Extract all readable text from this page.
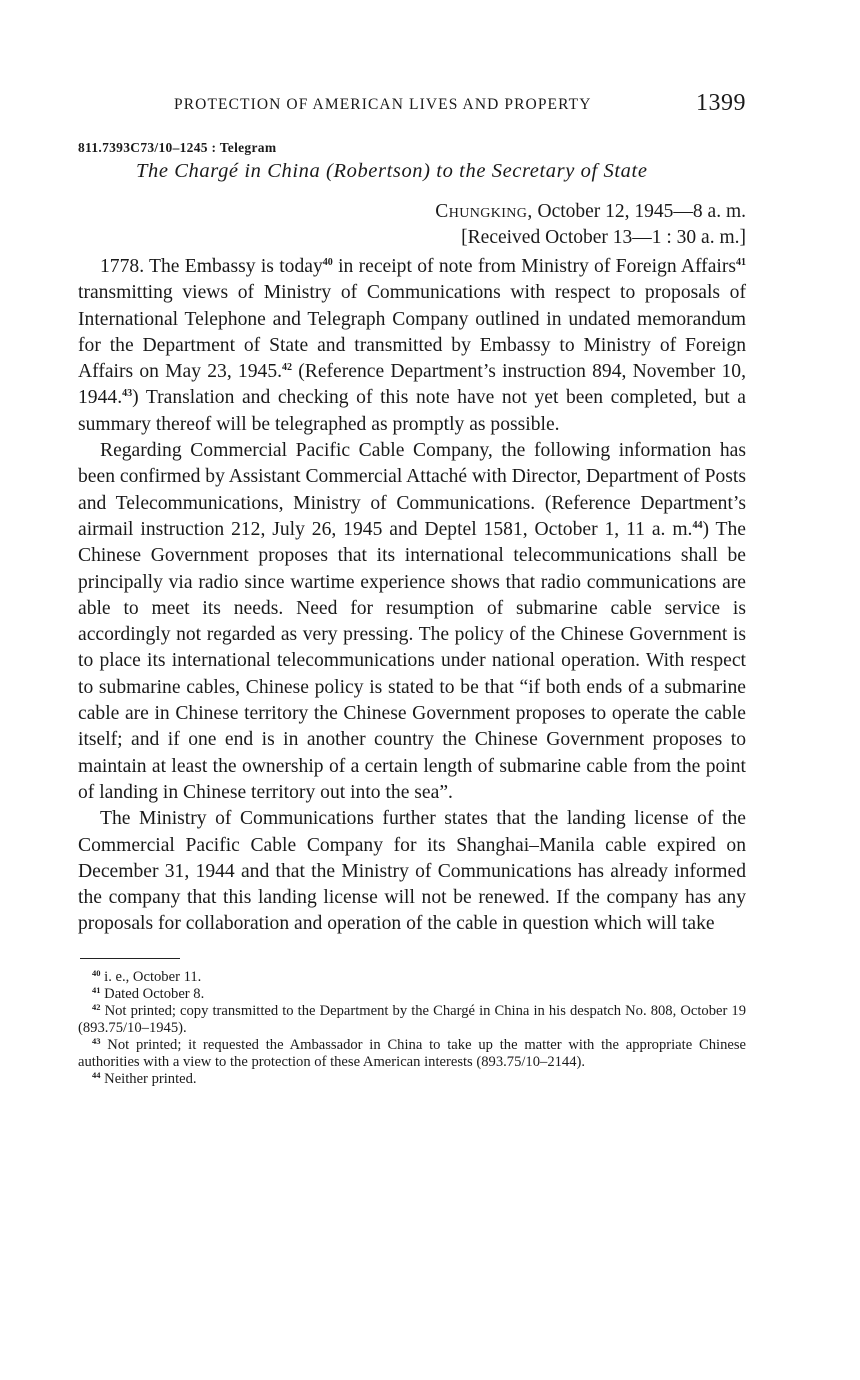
PROTECTION OF AMERICAN LIVES AND PROPERTY	1399
811.7393C73/10–1245 : Telegram
The Chargé in China (Robertson) to the Secretary of State
Chungking, October 12, 1945—8 a. m.
[Received October 13—1 : 30 a. m.]

1778. The Embassy is today$^{40}$ in receipt of note from Ministry of Foreign Affairs$^{41}$ transmitting views of Ministry of Communications with respect to proposals of International Telephone and Telegraph Company outlined in undated memorandum for the Department of State and transmitted by Embassy to Ministry of Foreign Affairs on May 23, 1945.42 (Reference Department’s instruction 894, November 10, 1944.43) Translation and checking of this note have not yet been completed, but a summary thereof will be telegraphed as promptly as possible.

Regarding Commercial Pacific Cable Company, the following information has been confirmed by Assistant Commercial Attaché with Director, Department of Posts and Telecommunications, Ministry of Communications. (Reference Department’s airmail instruction 212, July 26, 1945 and Deptel 1581, October 1, 11 a. m.$^{44}$) The Chinese Government proposes that its international telecommunications shall be principally via radio since wartime experience shows that radio communications are able to meet its needs. Need for resumption of submarine cable service is accordingly not regarded as very pressing. The policy of the Chinese Government is to place its international telecommunications under national operation. With respect to submarine cables, Chinese policy is stated to be that “if both ends of a submarine cable are in Chinese territory the Chinese Government proposes to operate the cable itself; and if one end is in another country the Chinese Government proposes to maintain at least the ownership of a certain length of submarine cable from the point of landing in Chinese territory out into the sea”.

The Ministry of Communications further states that the landing license of the Commercial Pacific Cable Company for its Shanghai–Manila cable expired on December 31, 1944 and that the Ministry of Communications has already informed the company that this landing license will not be renewed. If the company has any proposals for collaboration and operation of the cable in question which will take

$^{40}$ i. e., October 11.
$^{41}$ Dated October 8.
$^{42}$ Not printed; copy transmitted to the Department by the Chargé in China in his despatch No. 808, October 19 (893.75/10–1945).
$^{43}$ Not printed; it requested the Ambassador in China to take up the matter with the appropriate Chinese authorities with a view to the protection of these American interests (893.75/10–2144).
$^{44}$ Neither printed.
